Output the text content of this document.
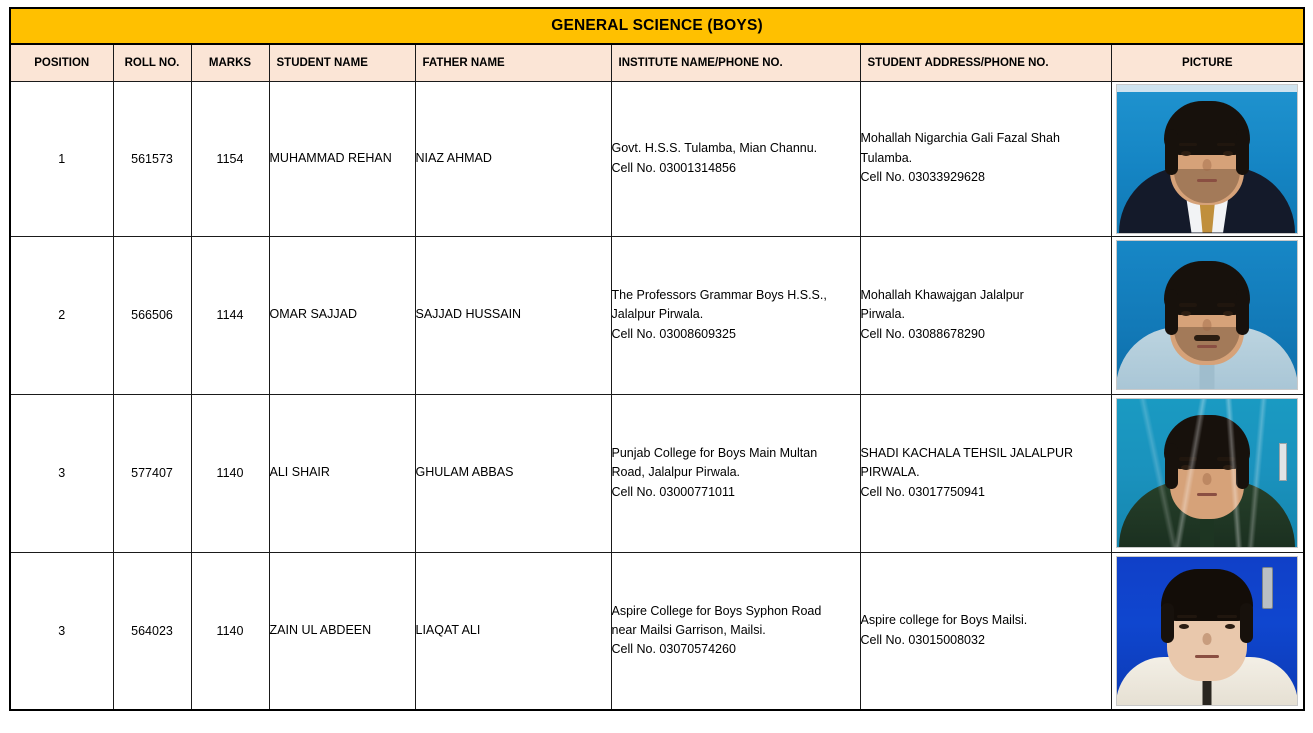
GENERAL SCIENCE (BOYS)							
POSITION	ROLL NO.	MARKS	STUDENT NAME	FATHER NAME	INSTITUTE NAME/PHONE NO.	STUDENT ADDRESS/PHONE NO.	PICTURE
1	561573	1154	MUHAMMAD REHAN	NIAZ AHMAD	Govt. H.S.S. Tulamba, Mian Channu.
Cell No. 03001314856	Mohallah Nigarchia Gali Fazal Shah
Tulamba.
Cell No. 03033929628	

2	566506	1144	OMAR SAJJAD	SAJJAD HUSSAIN	The Professors Grammar Boys H.S.S.,
Jalalpur Pirwala.
Cell No. 03008609325	Mohallah Khawajgan Jalalpur
Pirwala.
Cell No. 03088678290	

3	577407	1140	ALI SHAIR	GHULAM ABBAS	Punjab College for Boys Main Multan
Road, Jalalpur Pirwala.
Cell No. 03000771011	SHADI KACHALA TEHSIL JALALPUR
PIRWALA.
Cell No. 03017750941	

3	564023	1140	ZAIN UL ABDEEN	LIAQAT ALI	Aspire College for Boys Syphon Road
near Mailsi Garrison, Mailsi.
Cell No. 03070574260	Aspire college for Boys Mailsi.
Cell No. 03015008032	
